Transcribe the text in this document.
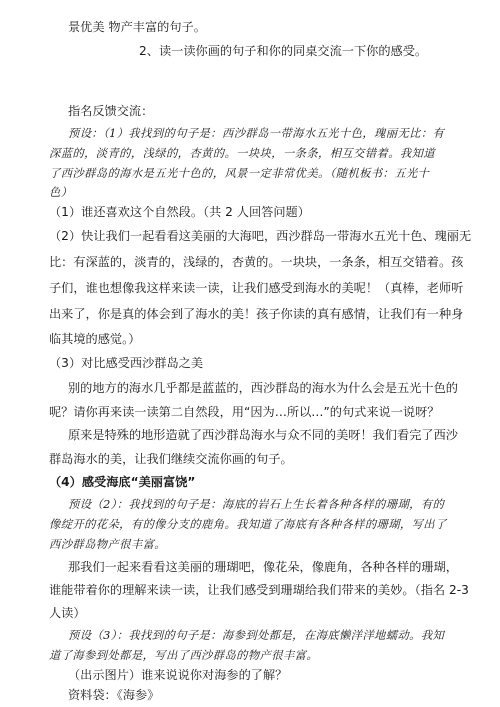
景优美 物产丰富的句子。
2、读一读你画的句子和你的同桌交流一下你的感受。
指名反馈交流：
预设：（1）我找到的句子是：西沙群岛一带海水五光十色，瑰丽无比：有
深蓝的，淡青的，浅绿的，杏黄的。一块块，一条条，相互交错着。我知道
了西沙群岛的海水是五光十色的，风景一定非常优美。（随机板书：五光十
色）
（1）谁还喜欢这个自然段。（共 2 人回答问题）
（2）快让我们一起看看这美丽的大海吧，西沙群岛一带海水五光十色、瑰丽无
比：有深蓝的，淡青的，浅绿的，杏黄的。一块块，一条条，相互交错着。孩
子们，谁也想像我这样来读一读，让我们感受到海水的美呢！（真棒，老师听
出来了，你是真的体会到了海水的美！孩子你读的真有感情，让我们有一种身
临其境的感觉。）
（3）对比感受西沙群岛之美
别的地方的海水几乎都是蓝蓝的，西沙群岛的海水为什么会是五光十色的
呢？请你再来读一读第二自然段，用“因为…所以…”的句式来说一说呀？
原来是特殊的地形造就了西沙群岛海水与众不同的美呀！我们看完了西沙
群岛海水的美，让我们继续交流你画的句子。
（4）感受海底“美丽富饶”
预设（2）：我找到的句子是：海底的岩石上生长着各种各样的珊瑚，有的
像绽开的花朵，有的像分支的鹿角。我知道了海底有各种各样的珊瑚，写出了
西沙群岛物产很丰富。
那我们一起来看看这美丽的珊瑚吧，像花朵，像鹿角，各种各样的珊瑚，
谁能带着你的理解来读一读，让我们感受到珊瑚给我们带来的美妙。（指名 2-3
人读）
预设（3）：我找到的句子是：海参到处都是，在海底懒洋洋地蠕动。我知
道了海参到处都是，写出了西沙群岛的物产很丰富。
（出示图片）谁来说说你对海参的了解？
资料袋：《海参》
